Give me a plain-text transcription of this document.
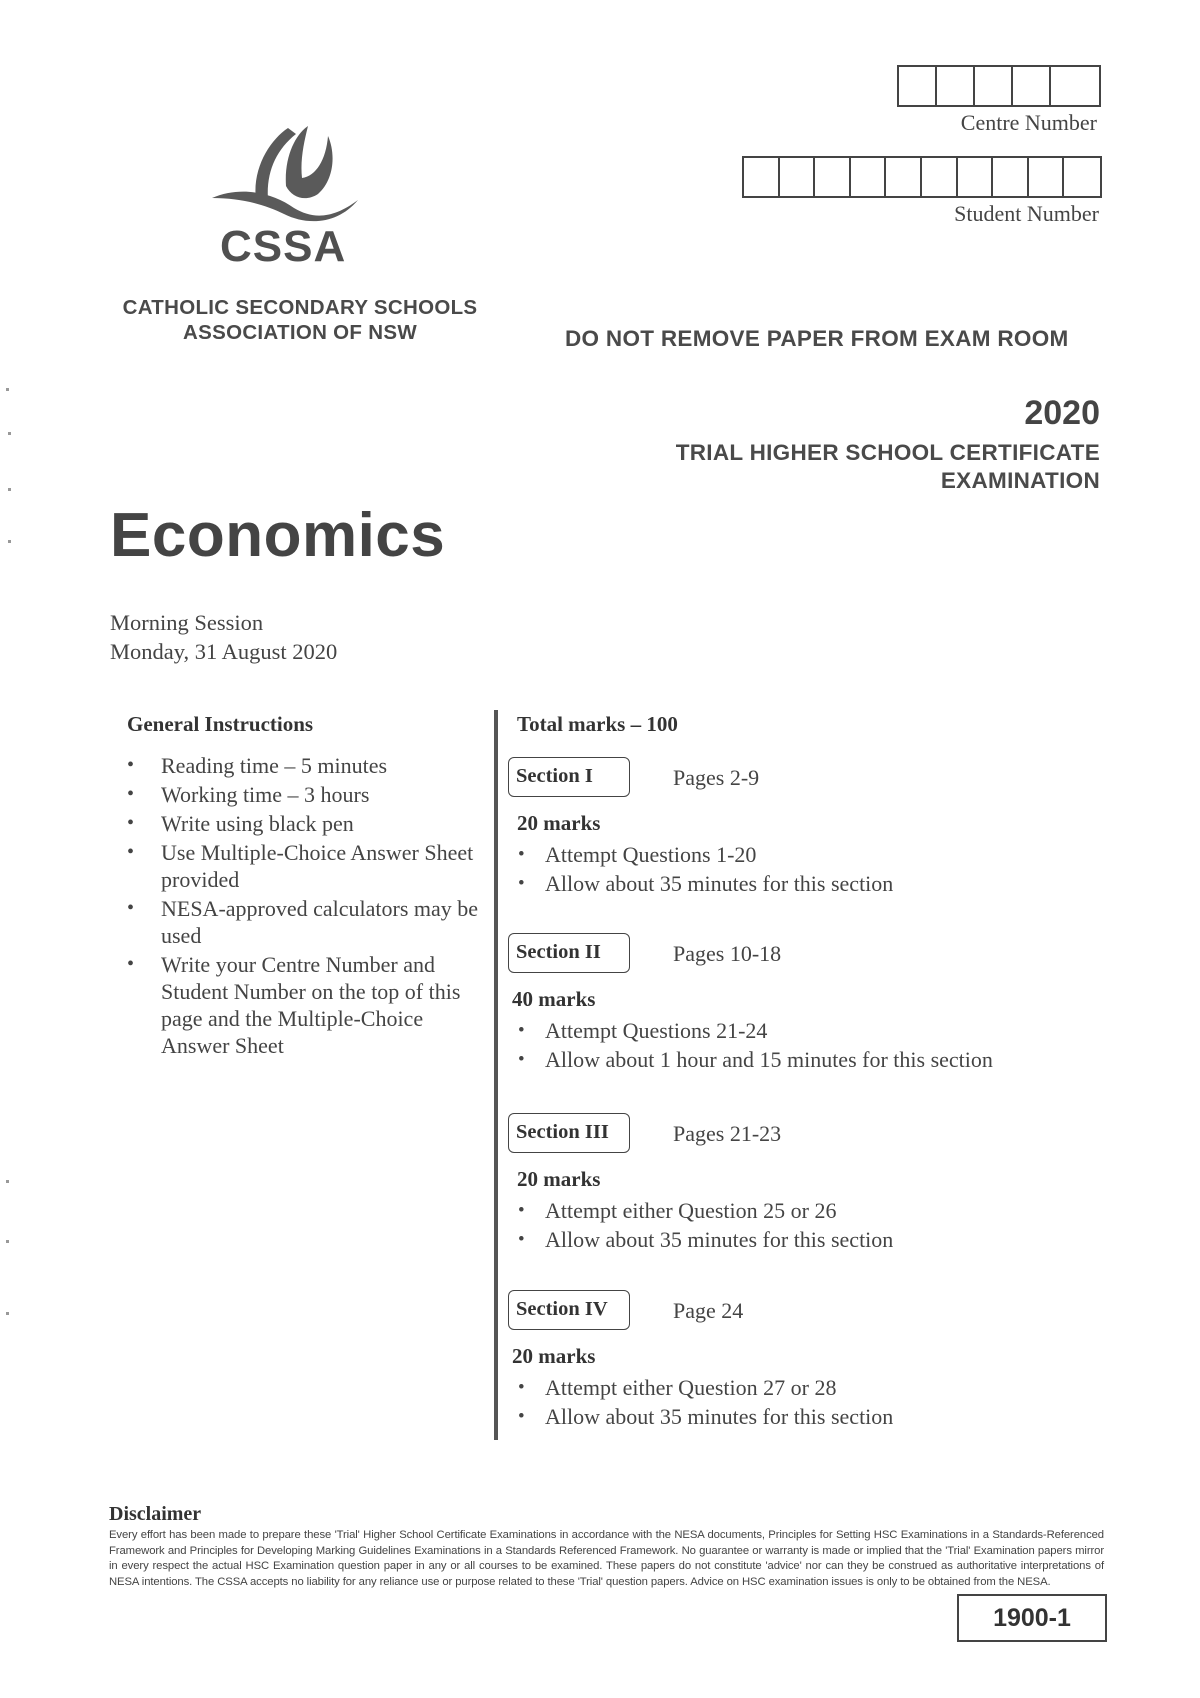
Centre Number
Student Number
CSSA
CATHOLIC SECONDARY SCHOOLS
ASSOCIATION OF NSW	DO NOT REMOVE PAPER FROM EXAM ROOM
2020
TRIAL HIGHER SCHOOL CERTIFICATE
EXAMINATION
Economics
Morning Session
Monday, 31 August 2020
General Instructions
• Reading time – 5 minutes
• Working time – 3 hours
• Write using black pen
• Use Multiple-Choice Answer Sheet provided
• NESA-approved calculators may be used
• Write your Centre Number and Student Number on the top of this page and the Multiple-Choice Answer Sheet
Total marks – 100
Section I	Pages 2-9
20 marks
• Attempt Questions 1-20
• Allow about 35 minutes for this section
Section II	Pages 10-18
40 marks
• Attempt Questions 21-24
• Allow about 1 hour and 15 minutes for this section
Section III	Pages 21-23
20 marks
• Attempt either Question 25 or 26
• Allow about 35 minutes for this section
Section IV	Page 24
20 marks
• Attempt either Question 27 or 28
• Allow about 35 minutes for this section
Disclaimer
Every effort has been made to prepare these 'Trial' Higher School Certificate Examinations in accordance with the NESA documents, Principles for Setting HSC Examinations in a Standards-Referenced Framework and Principles for Developing Marking Guidelines Examinations in a Standards Referenced Framework. No guarantee or warranty is made or implied that the 'Trial' Examination papers mirror in every respect the actual HSC Examination question paper in any or all courses to be examined. These papers do not constitute 'advice' nor can they be construed as authoritative interpretations of NESA intentions. The CSSA accepts no liability for any reliance use or purpose related to these 'Trial' question papers. Advice on HSC examination issues is only to be obtained from the NESA.
1900-1
